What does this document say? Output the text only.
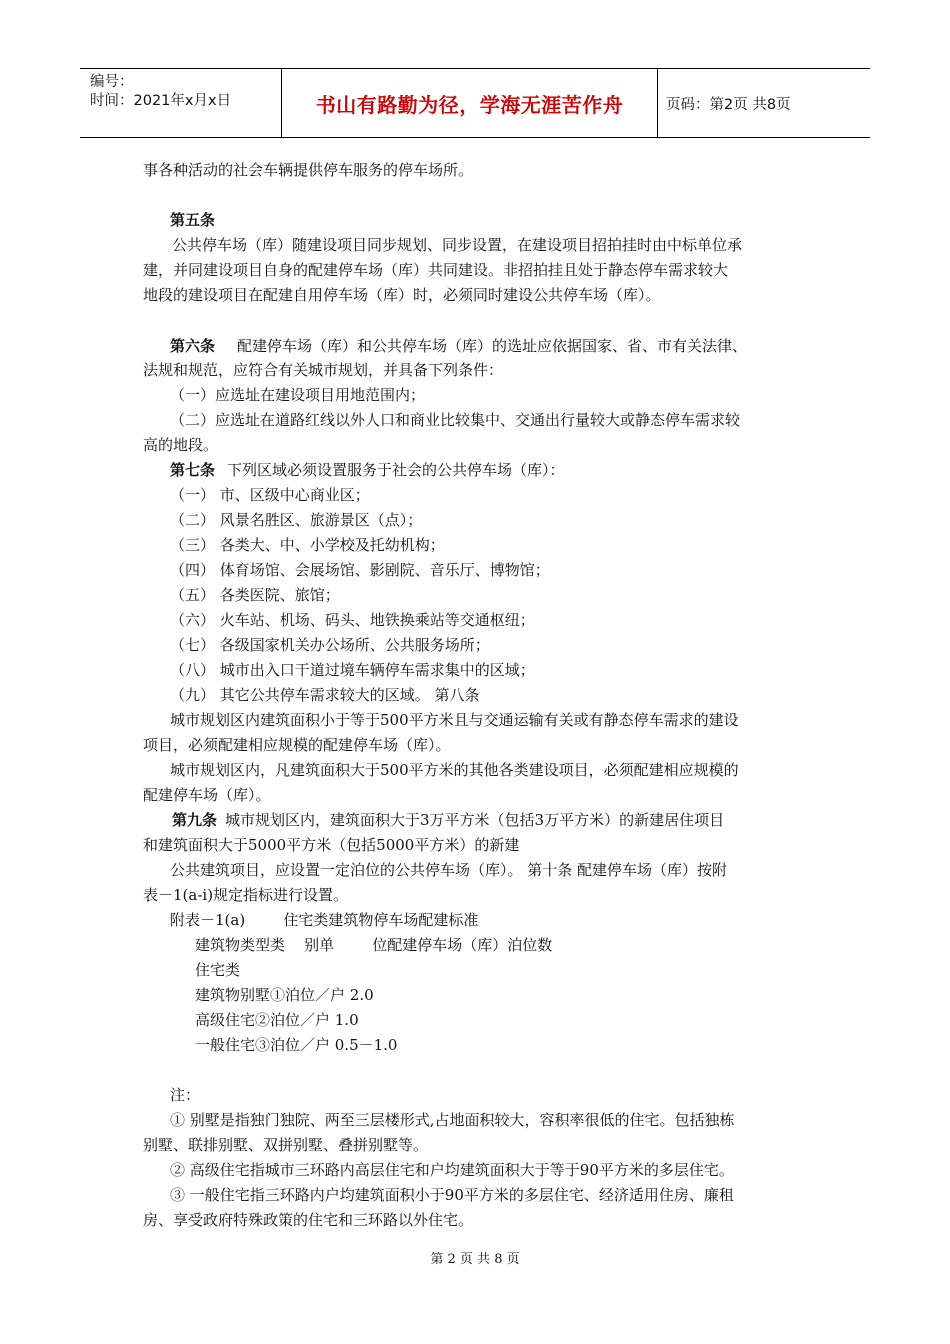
编号：
时间：2021年x月x日	书山有路勤为径，学海无涯苦作舟	页码：第2页 共8页
事各种活动的社会车辆提供停车服务的停车场所。
第五条
公共停车场（库）随建设项目同步规划、同步设置，在建设项目招拍挂时由中标单位承
建，并同建设项目自身的配建停车场（库）共同建设。非招拍挂且处于静态停车需求较大
地段的建设项目在配建自用停车场（库）时，必须同时建设公共停车场（库）。
第六条 配建停车场（库）和公共停车场（库）的选址应依据国家、省、市有关法律、
法规和规范，应符合有关城市规划，并具备下列条件：
（一）应选址在建设项目用地范围内；
（二）应选址在道路红线以外人口和商业比较集中、交通出行量较大或静态停车需求较
高的地段。
第七条 下列区域必须设置服务于社会的公共停车场（库）：
（一） 市、区级中心商业区；
（二） 风景名胜区、旅游景区（点）；
（三） 各类大、中、小学校及托幼机构；
（四） 体育场馆、会展场馆、影剧院、音乐厅、博物馆；
（五） 各类医院、旅馆；
（六） 火车站、机场、码头、地铁换乘站等交通枢纽；
（七） 各级国家机关办公场所、公共服务场所；
（八） 城市出入口干道过境车辆停车需求集中的区域；
（九） 其它公共停车需求较大的区域。 第八条
城市规划区内建筑面积小于等于500平方米且与交通运输有关或有静态停车需求的建设
项目，必须配建相应规模的配建停车场（库）。
城市规划区内，凡建筑面积大于500平方米的其他各类建设项目，必须配建相应规模的
配建停车场（库）。
第九条 城市规划区内，建筑面积大于3万平方米（包括3万平方米）的新建居住项目
和建筑面积大于5000平方米（包括5000平方米）的新建
公共建筑项目，应设置一定泊位的公共停车场（库）。 第十条 配建停车场（库）按附
表－1(a-i)规定指标进行设置。
附表－1(a)        住宅类建筑物停车场配建标准
建筑物类型类    别单        位配建停车场（库）泊位数
住宅类
建筑物别墅①泊位／户 2.0
高级住宅②泊位／户 1.0
一般住宅③泊位／户 0.5－1.0
注：
① 别墅是指独门独院、两至三层楼形式,占地面积较大，容积率很低的住宅。包括独栋
别墅、联排别墅、双拼别墅、叠拼别墅等。
② 高级住宅指城市三环路内高层住宅和户均建筑面积大于等于90平方米的多层住宅。
③ 一般住宅指三环路内户均建筑面积小于90平方米的多层住宅、经济适用住房、廉租
房、享受政府特殊政策的住宅和三环路以外住宅。
第 2 页 共 8 页
